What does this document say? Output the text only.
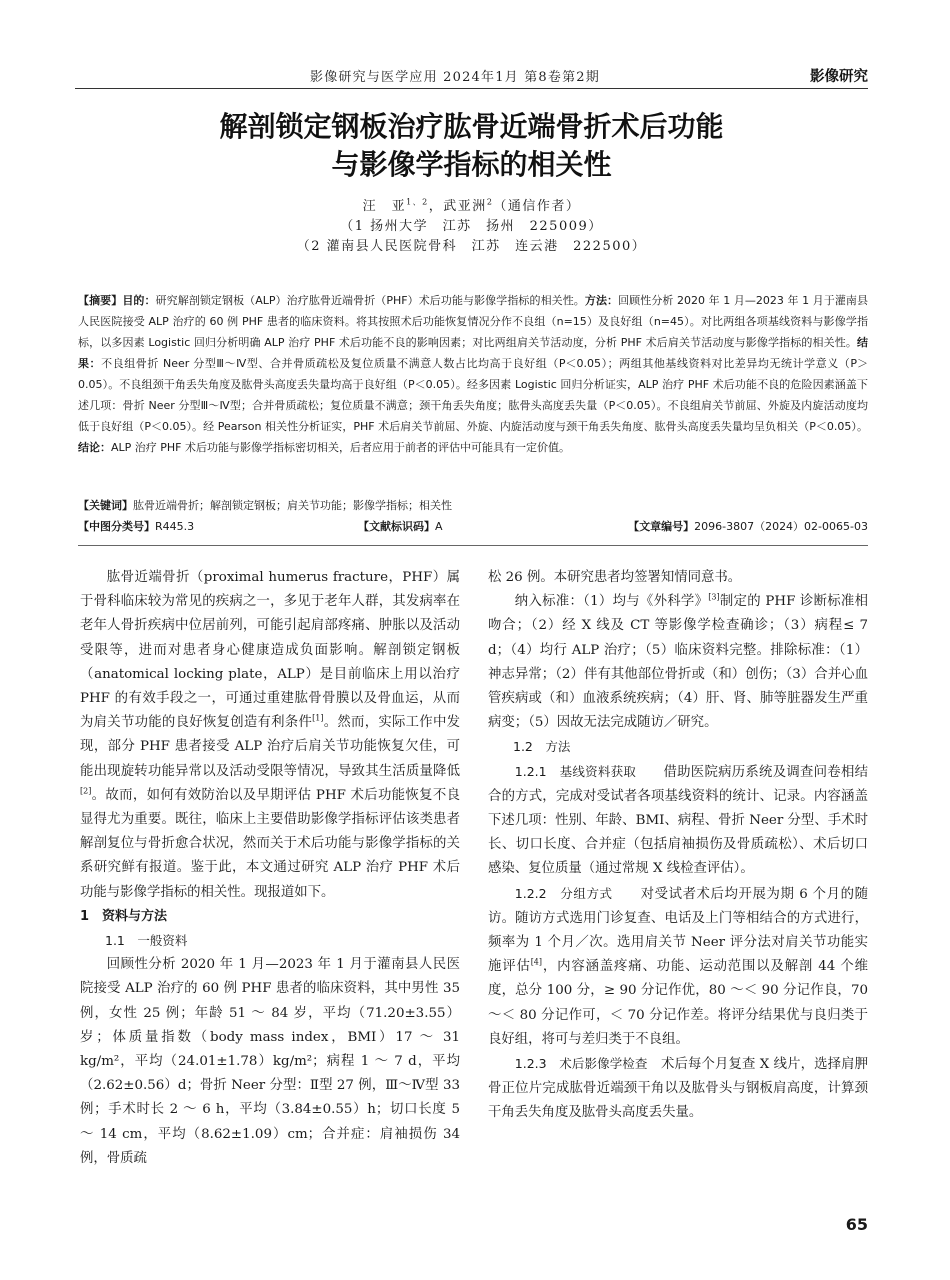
影像研究与医学应用 2024年1月 第8卷第2期	影像研究
解剖锁定钢板治疗肱骨近端骨折术后功能
与影像学指标的相关性
汪　亚$^{1、2}$，武亚洲$^2$（通信作者）
（1 扬州大学　江苏　扬州　225009）
（2 灌南县人民医院骨科　江苏　连云港　222500）
【摘要】目的：研究解剖锁定钢板（ALP）治疗肱骨近端骨折（PHF）术后功能与影像学指标的相关性。方法：回顾性分析 2020 年 1 月—2023 年 1 月于灌南县人民医院接受 ALP 治疗的 60 例 PHF 患者的临床资料。将其按照术后功能恢复情况分作不良组（n=15）及良好组（n=45）。对比两组各项基线资料与影像学指标，以多因素 Logistic 回归分析明确 ALP 治疗 PHF 术后功能不良的影响因素；对比两组肩关节活动度，分析 PHF 术后肩关节活动度与影像学指标的相关性。结果：不良组骨折 Neer 分型Ⅲ～Ⅳ型、合并骨质疏松及复位质量不满意人数占比均高于良好组（P＜0.05）；两组其他基线资料对比差异均无统计学意义（P＞0.05）。不良组颈干角丢失角度及肱骨头高度丢失量均高于良好组（P＜0.05）。经多因素 Logistic 回归分析证实，ALP 治疗 PHF 术后功能不良的危险因素涵盖下述几项：骨折 Neer 分型Ⅲ～Ⅳ型；合并骨质疏松；复位质量不满意；颈干角丢失角度；肱骨头高度丢失量（P＜0.05）。不良组肩关节前屈、外旋及内旋活动度均低于良好组（P＜0.05）。经 Pearson 相关性分析证实，PHF 术后肩关节前屈、外旋、内旋活动度与颈干角丢失角度、肱骨头高度丢失量均呈负相关（P＜0.05）。结论：ALP 治疗 PHF 术后功能与影像学指标密切相关，后者应用于前者的评估中可能具有一定价值。
【关键词】肱骨近端骨折；解剖锁定钢板；肩关节功能；影像学指标；相关性
【中图分类号】R445.3	【文献标识码】A	【文章编号】2096-3807（2024）02-0065-03

肱骨近端骨折（proximal humerus fracture，PHF）属于骨科临床较为常见的疾病之一，多见于老年人群，其发病率在老年人骨折疾病中位居前列，可能引起肩部疼痛、肿胀以及活动受限等，进而对患者身心健康造成负面影响。解剖锁定钢板（anatomical locking plate，ALP）是目前临床上用以治疗 PHF 的有效手段之一，可通过重建肱骨骨膜以及骨血运，从而为肩关节功能的良好恢复创造有利条件[1]。然而，实际工作中发现，部分 PHF 患者接受 ALP 治疗后肩关节功能恢复欠佳，可能出现旋转功能异常以及活动受限等情况，导致其生活质量降低[2]。故而，如何有效防治以及早期评估 PHF 术后功能恢复不良显得尤为重要。既往，临床上主要借助影像学指标评估该类患者解剖复位与骨折愈合状况，然而关于术后功能与影像学指标的关系研究鲜有报道。鉴于此，本文通过研究 ALP 治疗 PHF 术后功能与影像学指标的相关性。现报道如下。

1　资料与方法

1.1　一般资料

回顾性分析 2020 年 1 月—2023 年 1 月于灌南县人民医院接受 ALP 治疗的 60 例 PHF 患者的临床资料，其中男性 35 例，女性 25 例；年龄 51 ～ 84 岁，平均（71.20±3.55）岁；体质量指数（body mass index，BMI）17 ～ 31 kg/m²，平均（24.01±1.78）kg/m²；病程 1 ～ 7 d，平均（2.62±0.56）d；骨折 Neer 分型：Ⅱ型 27 例，Ⅲ～Ⅳ型 33 例；手术时长 2 ～ 6 h，平均（3.84±0.55）h；切口长度 5 ～ 14 cm，平均（8.62±1.09）cm；合并症：肩袖损伤 34 例，骨质疏

松 26 例。本研究患者均签署知情同意书。

纳入标准：（1）均与《外科学》[3]制定的 PHF 诊断标准相吻合；（2）经 X 线及 CT 等影像学检查确诊；（3）病程≤ 7 d；（4）均行 ALP 治疗；（5）临床资料完整。排除标准：（1）神志异常；（2）伴有其他部位骨折或（和）创伤；（3）合并心血管疾病或（和）血液系统疾病；（4）肝、肾、肺等脏器发生严重病变；（5）因故无法完成随访／研究。

1.2　方法

1.2.1　基线资料获取　　 借助医院病历系统及调查问卷相结合的方式，完成对受试者各项基线资料的统计、记录。内容涵盖下述几项：性别、年龄、BMI、病程、骨折 Neer 分型、手术时长、切口长度、合并症（包括肩袖损伤及骨质疏松）、术后切口感染、复位质量（通过常规 X 线检查评估）。

1.2.2　分组方式　　 对受试者术后均开展为期 6 个月的随访。随访方式选用门诊复查、电话及上门等相结合的方式进行，频率为 1 个月／次。选用肩关节 Neer 评分法对肩关节功能实施评估[4]，内容涵盖疼痛、功能、运动范围以及解剖 44 个维度，总分 100 分，≥ 90 分记作优，80 ～＜ 90 分记作良，70 ～＜ 80 分记作可，＜ 70 分记作差。将评分结果优与良归类于良好组，将可与差归类于不良组。

1.2.3　术后影像学检查　 术后每个月复查 X 线片，选择肩胛骨正位片完成肱骨近端颈干角以及肱骨头与钢板肩高度，计算颈干角丢失角度及肱骨头高度丢失量。

65
